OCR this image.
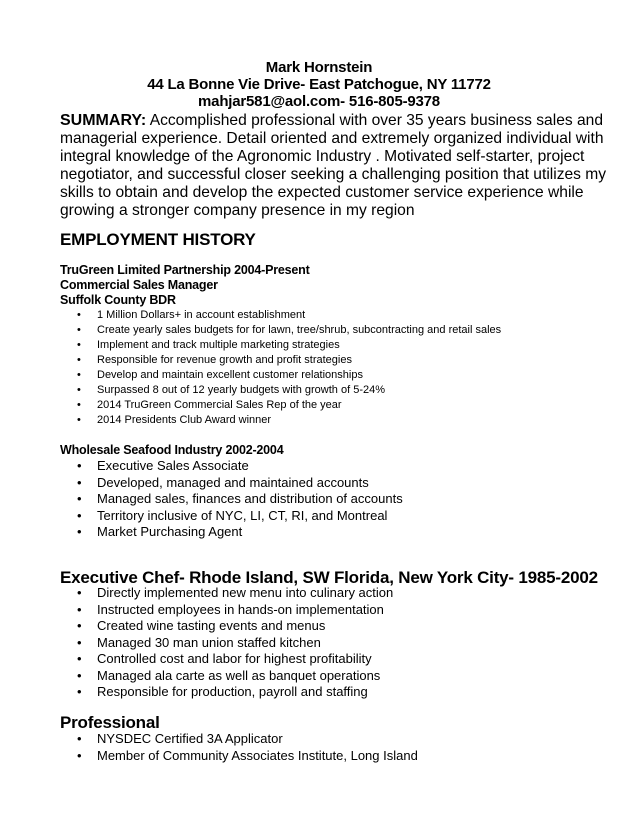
Mark Hornstein
44 La Bonne Vie Drive- East Patchogue, NY 11772
mahjar581@aol.com- 516-805-9378
SUMMARY: Accomplished professional with over 35 years business sales and managerial experience. Detail oriented and extremely organized individual with integral knowledge of the Agronomic Industry . Motivated self-starter, project negotiator, and successful closer seeking a challenging position that utilizes my skills to obtain and develop the expected customer service experience while growing a stronger company presence in my region
EMPLOYMENT HISTORY
TruGreen Limited Partnership 2004-Present
Commercial Sales Manager
Suffolk County BDR
• 1 Million Dollars+ in account establishment
• Create yearly sales budgets for for lawn, tree/shrub, subcontracting and retail sales
• Implement and track multiple marketing strategies
• Responsible for revenue growth and profit strategies
• Develop and maintain excellent customer relationships
• Surpassed 8 out of 12 yearly budgets with growth of 5-24%
• 2014 TruGreen Commercial Sales Rep of the year
• 2014 Presidents Club Award winner
Wholesale Seafood Industry 2002-2004
• Executive Sales Associate
• Developed, managed and maintained accounts
• Managed sales, finances and distribution of accounts
• Territory inclusive of NYC, LI, CT, RI, and Montreal
• Market Purchasing Agent
Executive Chef- Rhode Island, SW Florida, New York City- 1985-2002
• Directly implemented new menu into culinary action
• Instructed employees in hands-on implementation
• Created wine tasting events and menus
• Managed 30 man union staffed kitchen
• Controlled cost and labor for highest profitability
• Managed ala carte as well as banquet operations
• Responsible for production, payroll and staffing
Professional
• NYSDEC Certified 3A Applicator
• Member of Community Associates Institute, Long Island
